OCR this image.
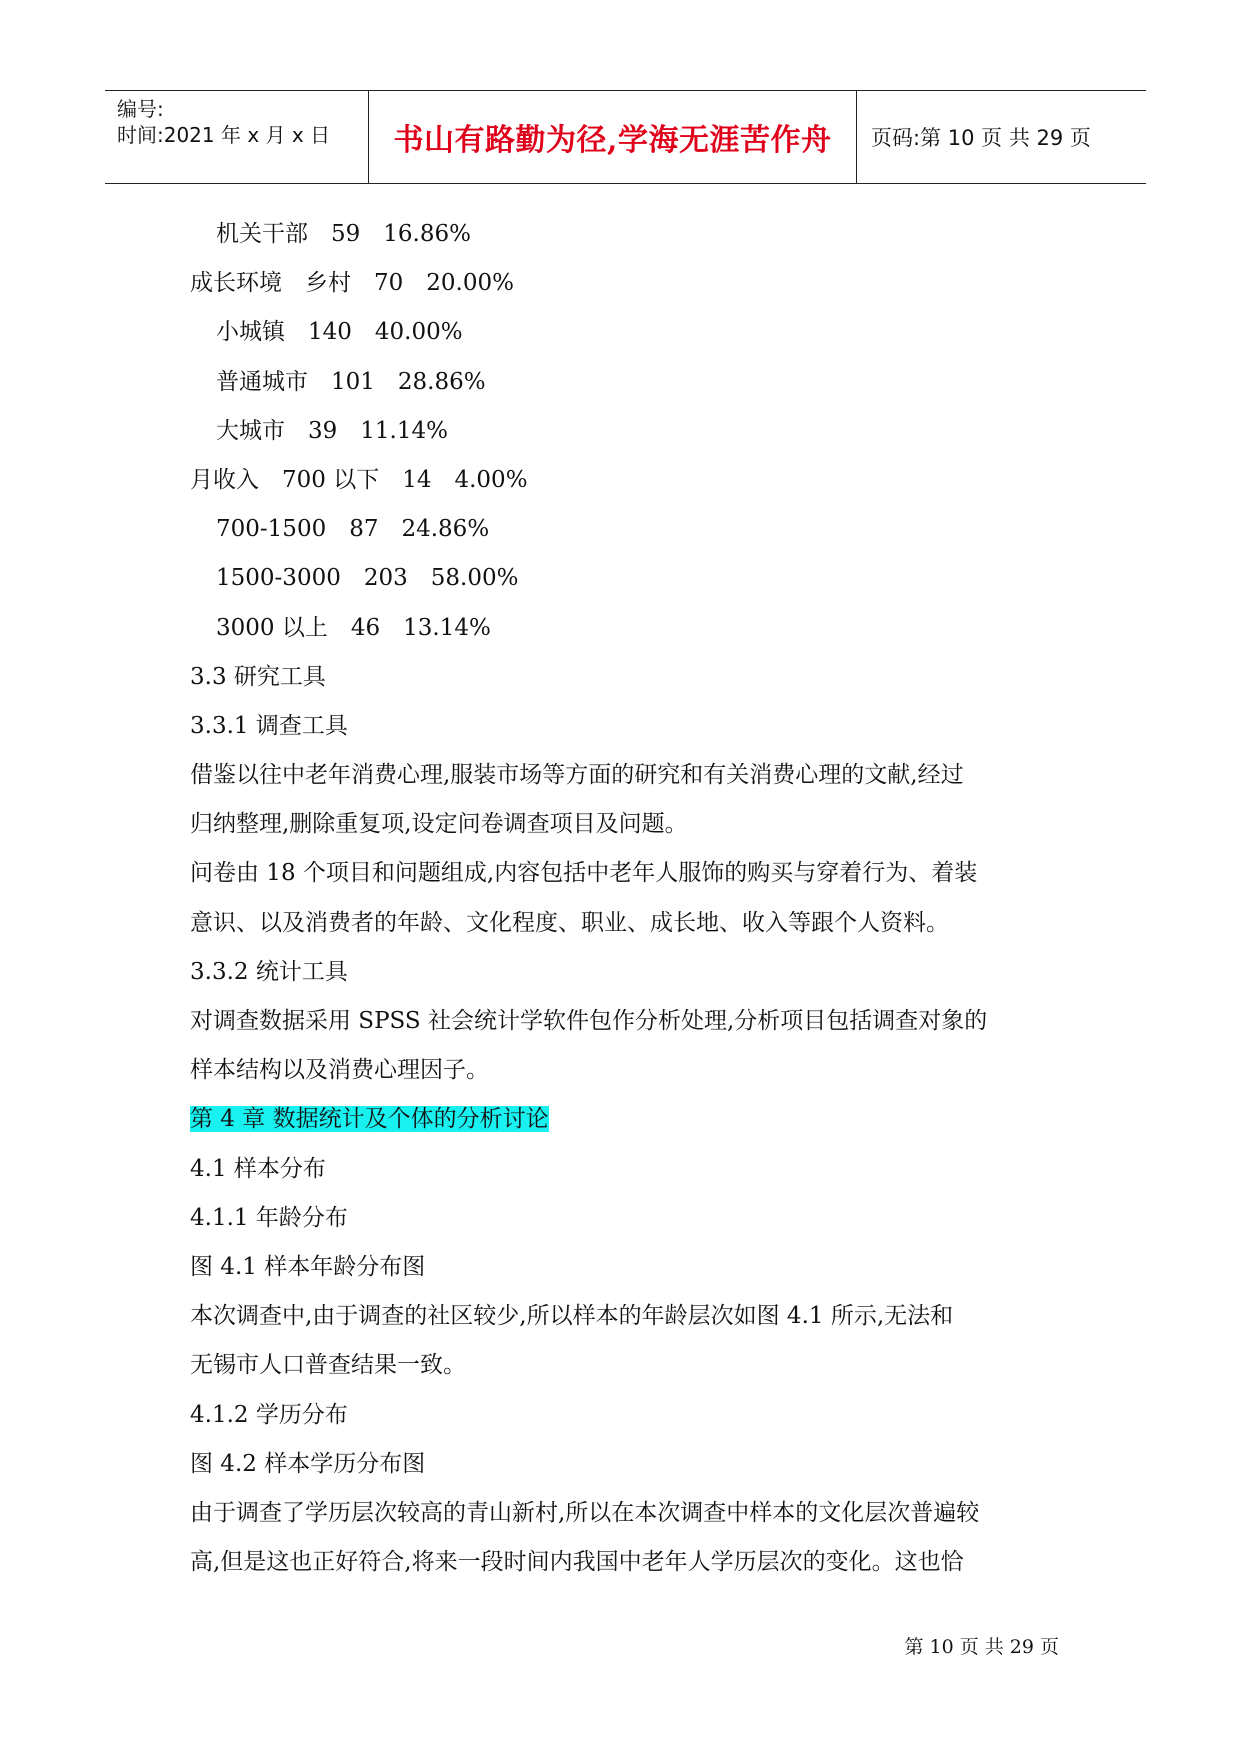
编号:
时间:2021 年 x 月 x 日 书山有路勤为径,学海无涯苦作舟	页码:第 10 页 共 29 页
机关干部　59　16.86%
成长环境　乡村　70　20.00%
小城镇　140　40.00%
普通城市　101　28.86%
大城市　39　11.14%
月收入　700 以下　14　4.00%
700-1500　87　24.86%
1500-3000　203　58.00%
3000 以上　46　13.14%
3.3 研究工具
3.3.1 调查工具
借鉴以往中老年消费心理,服装市场等方面的研究和有关消费心理的文献,经过
归纳整理,删除重复项,设定问卷调查项目及问题。
问卷由 18 个项目和问题组成,内容包括中老年人服饰的购买与穿着行为、着装
意识、以及消费者的年龄、文化程度、职业、成长地、收入等跟个人资料。
3.3.2 统计工具
对调查数据采用 SPSS 社会统计学软件包作分析处理,分析项目包括调查对象的
样本结构以及消费心理因子。
第 4 章 数据统计及个体的分析讨论
4.1 样本分布
4.1.1 年龄分布
图 4.1 样本年龄分布图
本次调查中,由于调查的社区较少,所以样本的年龄层次如图 4.1 所示,无法和
无锡市人口普查结果一致。
4.1.2 学历分布
图 4.2 样本学历分布图
由于调查了学历层次较高的青山新村,所以在本次调查中样本的文化层次普遍较
高,但是这也正好符合,将来一段时间内我国中老年人学历层次的变化。这也恰
第 10 页 共 29 页
